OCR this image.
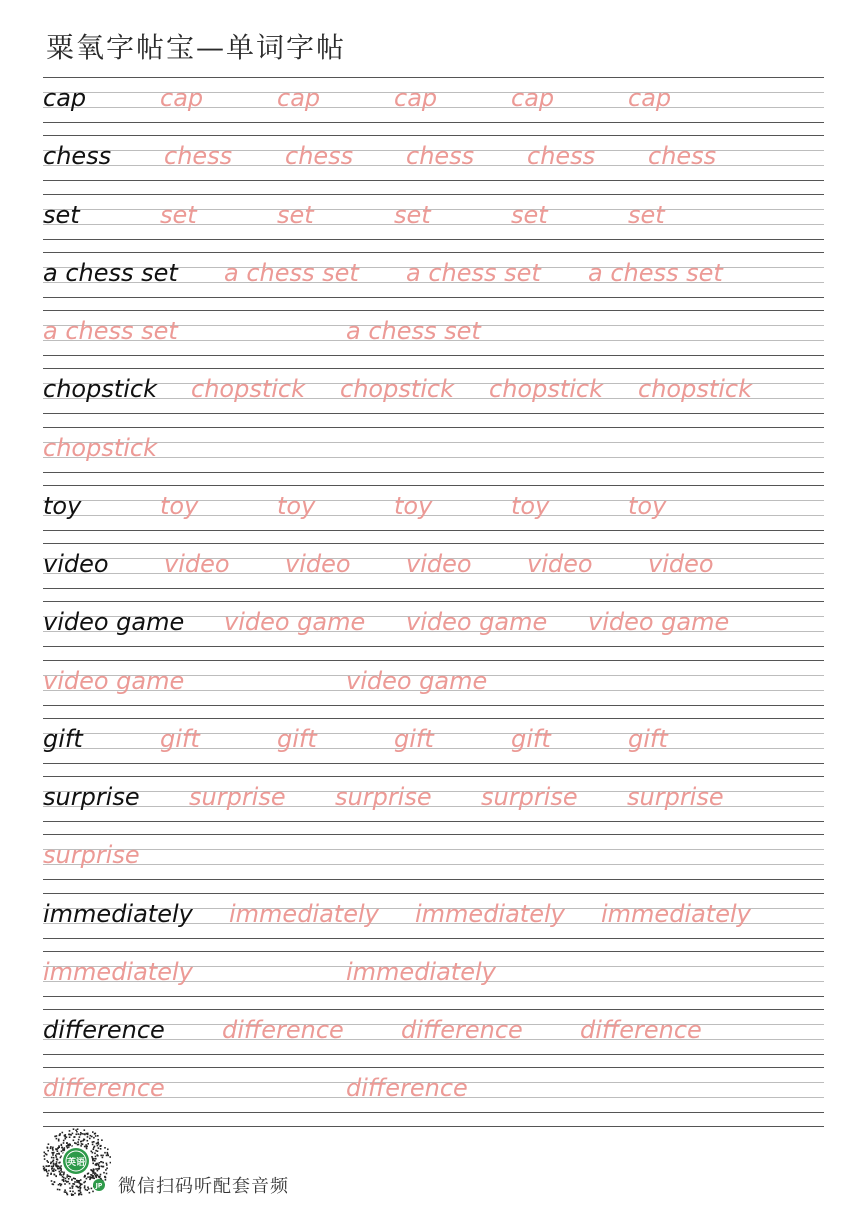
粟氧字帖宝—单词字帖
cap	cap	cap	cap	cap	cap
chess chess chess chess chess chess
set	set	set	set	set	set
a chess set a chess set a chess set a chess set
a chess set	a chess set
chopstick chopstick chopstick chopstick chopstick
chopstick
toy	toy	toy	toy	toy	toy
video video video video video video
video game video game video game video game
video game	video game
gift	gift	gift	gift	gift	gift
surprise surprise surprise surprise surprise
surprise
immediately immediately immediately immediately
immediately	immediately
difference difference difference difference
difference	difference
英语
JP 微信扫码听配套音频
